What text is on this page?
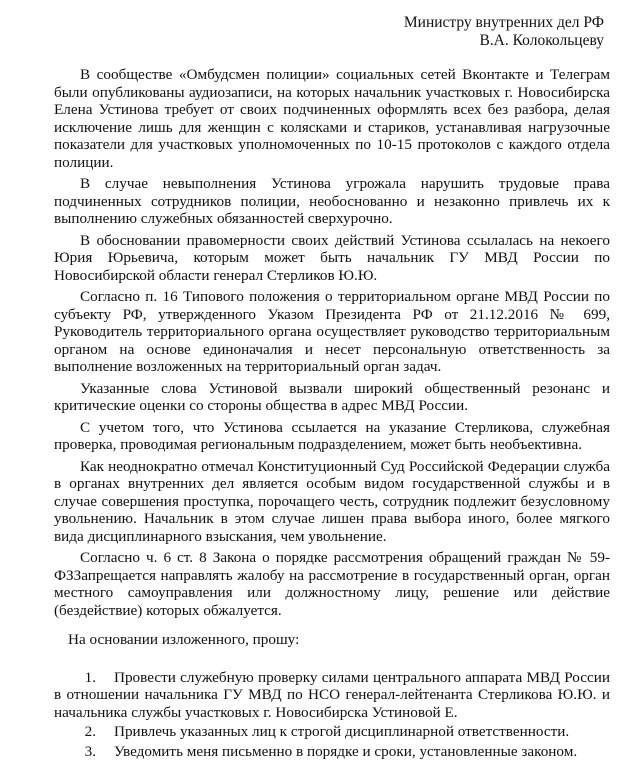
Министру внутренних дел РФ
В.А. Колокольцеву

В сообществе «Омбудсмен полиции» социальных сетей Вконтакте и Телеграм были опубликованы аудиозаписи, на которых начальник участковых г. Новосибирска Елена Устинова требует от своих подчиненных оформлять всех без разбора, делая исключение лишь для женщин с колясками и стариков, устанавливая нагрузочные показатели для участковых уполномоченных по 10-15 протоколов с каждого отдела полиции.

В случае невыполнения Устинова угрожала нарушить трудовые права подчиненных сотрудников полиции, необоснованно и незаконно привлечь их к выполнению служебных обязанностей сверхурочно.

В обосновании правомерности своих действий Устинова ссылалась на некоего Юрия Юрьевича, которым может быть начальник ГУ МВД России по Новосибирской области генерал Стерликов Ю.Ю.

Согласно п. 16 Типового положения о территориальном органе МВД России по субъекту РФ, утвержденного Указом Президента РФ от 21.12.2016 № 699, Руководитель территориального органа осуществляет руководство территориальным органом на основе единоначалия и несет персональную ответственность за выполнение возложенных на территориальный орган задач.

Указанные слова Устиновой вызвали широкий общественный резонанс и критические оценки со стороны общества в адрес МВД России.

С учетом того, что Устинова ссылается на указание Стерликова, служебная проверка, проводимая региональным подразделением, может быть необъективна.

Как неоднократно отмечал Конституционный Суд Российской Федерации служба в органах внутренних дел является особым видом государственной службы и в случае совершения проступка, порочащего честь, сотрудник подлежит безусловному увольнению. Начальник в этом случае лишен права выбора иного, более мягкого вида дисциплинарного взыскания, чем увольнение.

Согласно ч. 6 ст. 8 Закона о порядке рассмотрения обращений граждан № 59-ФЗЗапрещается направлять жалобу на рассмотрение в государственный орган, орган местного самоуправления или должностному лицу, решение или действие (бездействие) которых обжалуется.

На основании изложенного, прошу:

1. Провести служебную проверку силами центрального аппарата МВД России в отношении начальника ГУ МВД по НСО генерал-лейтенанта Стерликова Ю.Ю. и начальника службы участковых г. Новосибирска Устиновой Е.
2. Привлечь указанных лиц к строгой дисциплинарной ответственности.
3. Уведомить меня письменно в порядке и сроки, установленные законом.
